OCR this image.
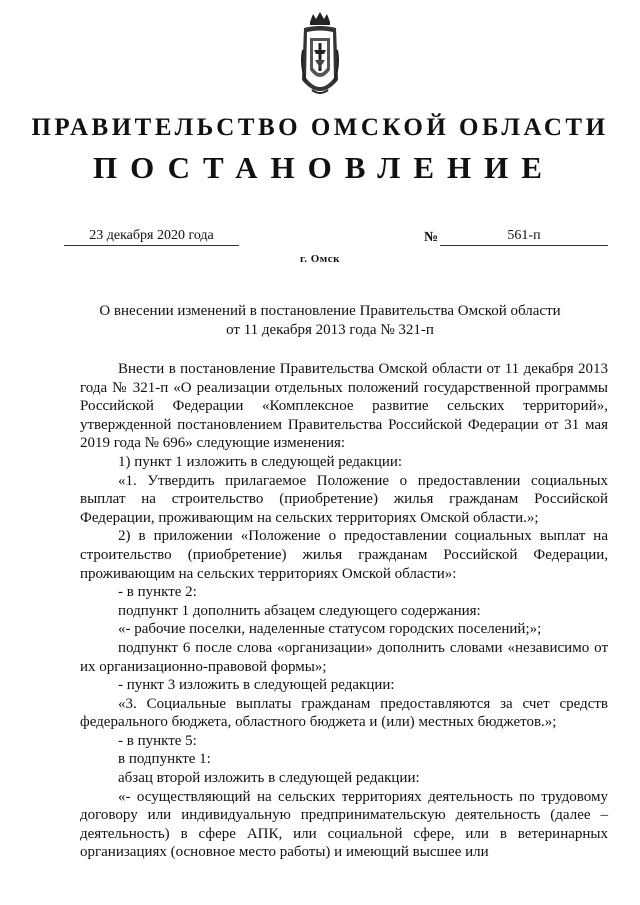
ПРАВИТЕЛЬСТВО ОМСКОЙ ОБЛАСТИ
ПОСТАНОВЛЕНИЕ
23 декабря 2020 года	№	561-п
г. Омск
О внесении изменений в постановление Правительства Омской области
от 11 декабря 2013 года № 321-п

Внести в постановление Правительства Омской области от 11 декабря 2013 года № 321-п «О реализации отдельных положений государственной программы Российской Федерации «Комплексное развитие сельских территорий», утвержденной постановлением Правительства Российской Федерации от 31 мая 2019 года № 696» следующие изменения:

1) пункт 1 изложить в следующей редакции:

«1. Утвердить прилагаемое Положение о предоставлении социальных выплат на строительство (приобретение) жилья гражданам Российской Федерации, проживающим на сельских территориях Омской области.»;

2) в приложении «Положение о предоставлении социальных выплат на строительство (приобретение) жилья гражданам Российской Федерации, проживающим на сельских территориях Омской области»:

- в пункте 2:

подпункт 1 дополнить абзацем следующего содержания:

«- рабочие поселки, наделенные статусом городских поселений;»;

подпункт 6 после слова «организации» дополнить словами «независимо от их организационно-правовой формы»;

- пункт 3 изложить в следующей редакции:

«3. Социальные выплаты гражданам предоставляются за счет средств федерального бюджета, областного бюджета и (или) местных бюджетов.»;

- в пункте 5:

в подпункте 1:

абзац второй изложить в следующей редакции:

«- осуществляющий на сельских территориях деятельность по трудовому договору или индивидуальную предпринимательскую деятельность (далее – деятельность) в сфере АПК, или социальной сфере, или в ветеринарных организациях (основное место работы) и имеющий высшее или
